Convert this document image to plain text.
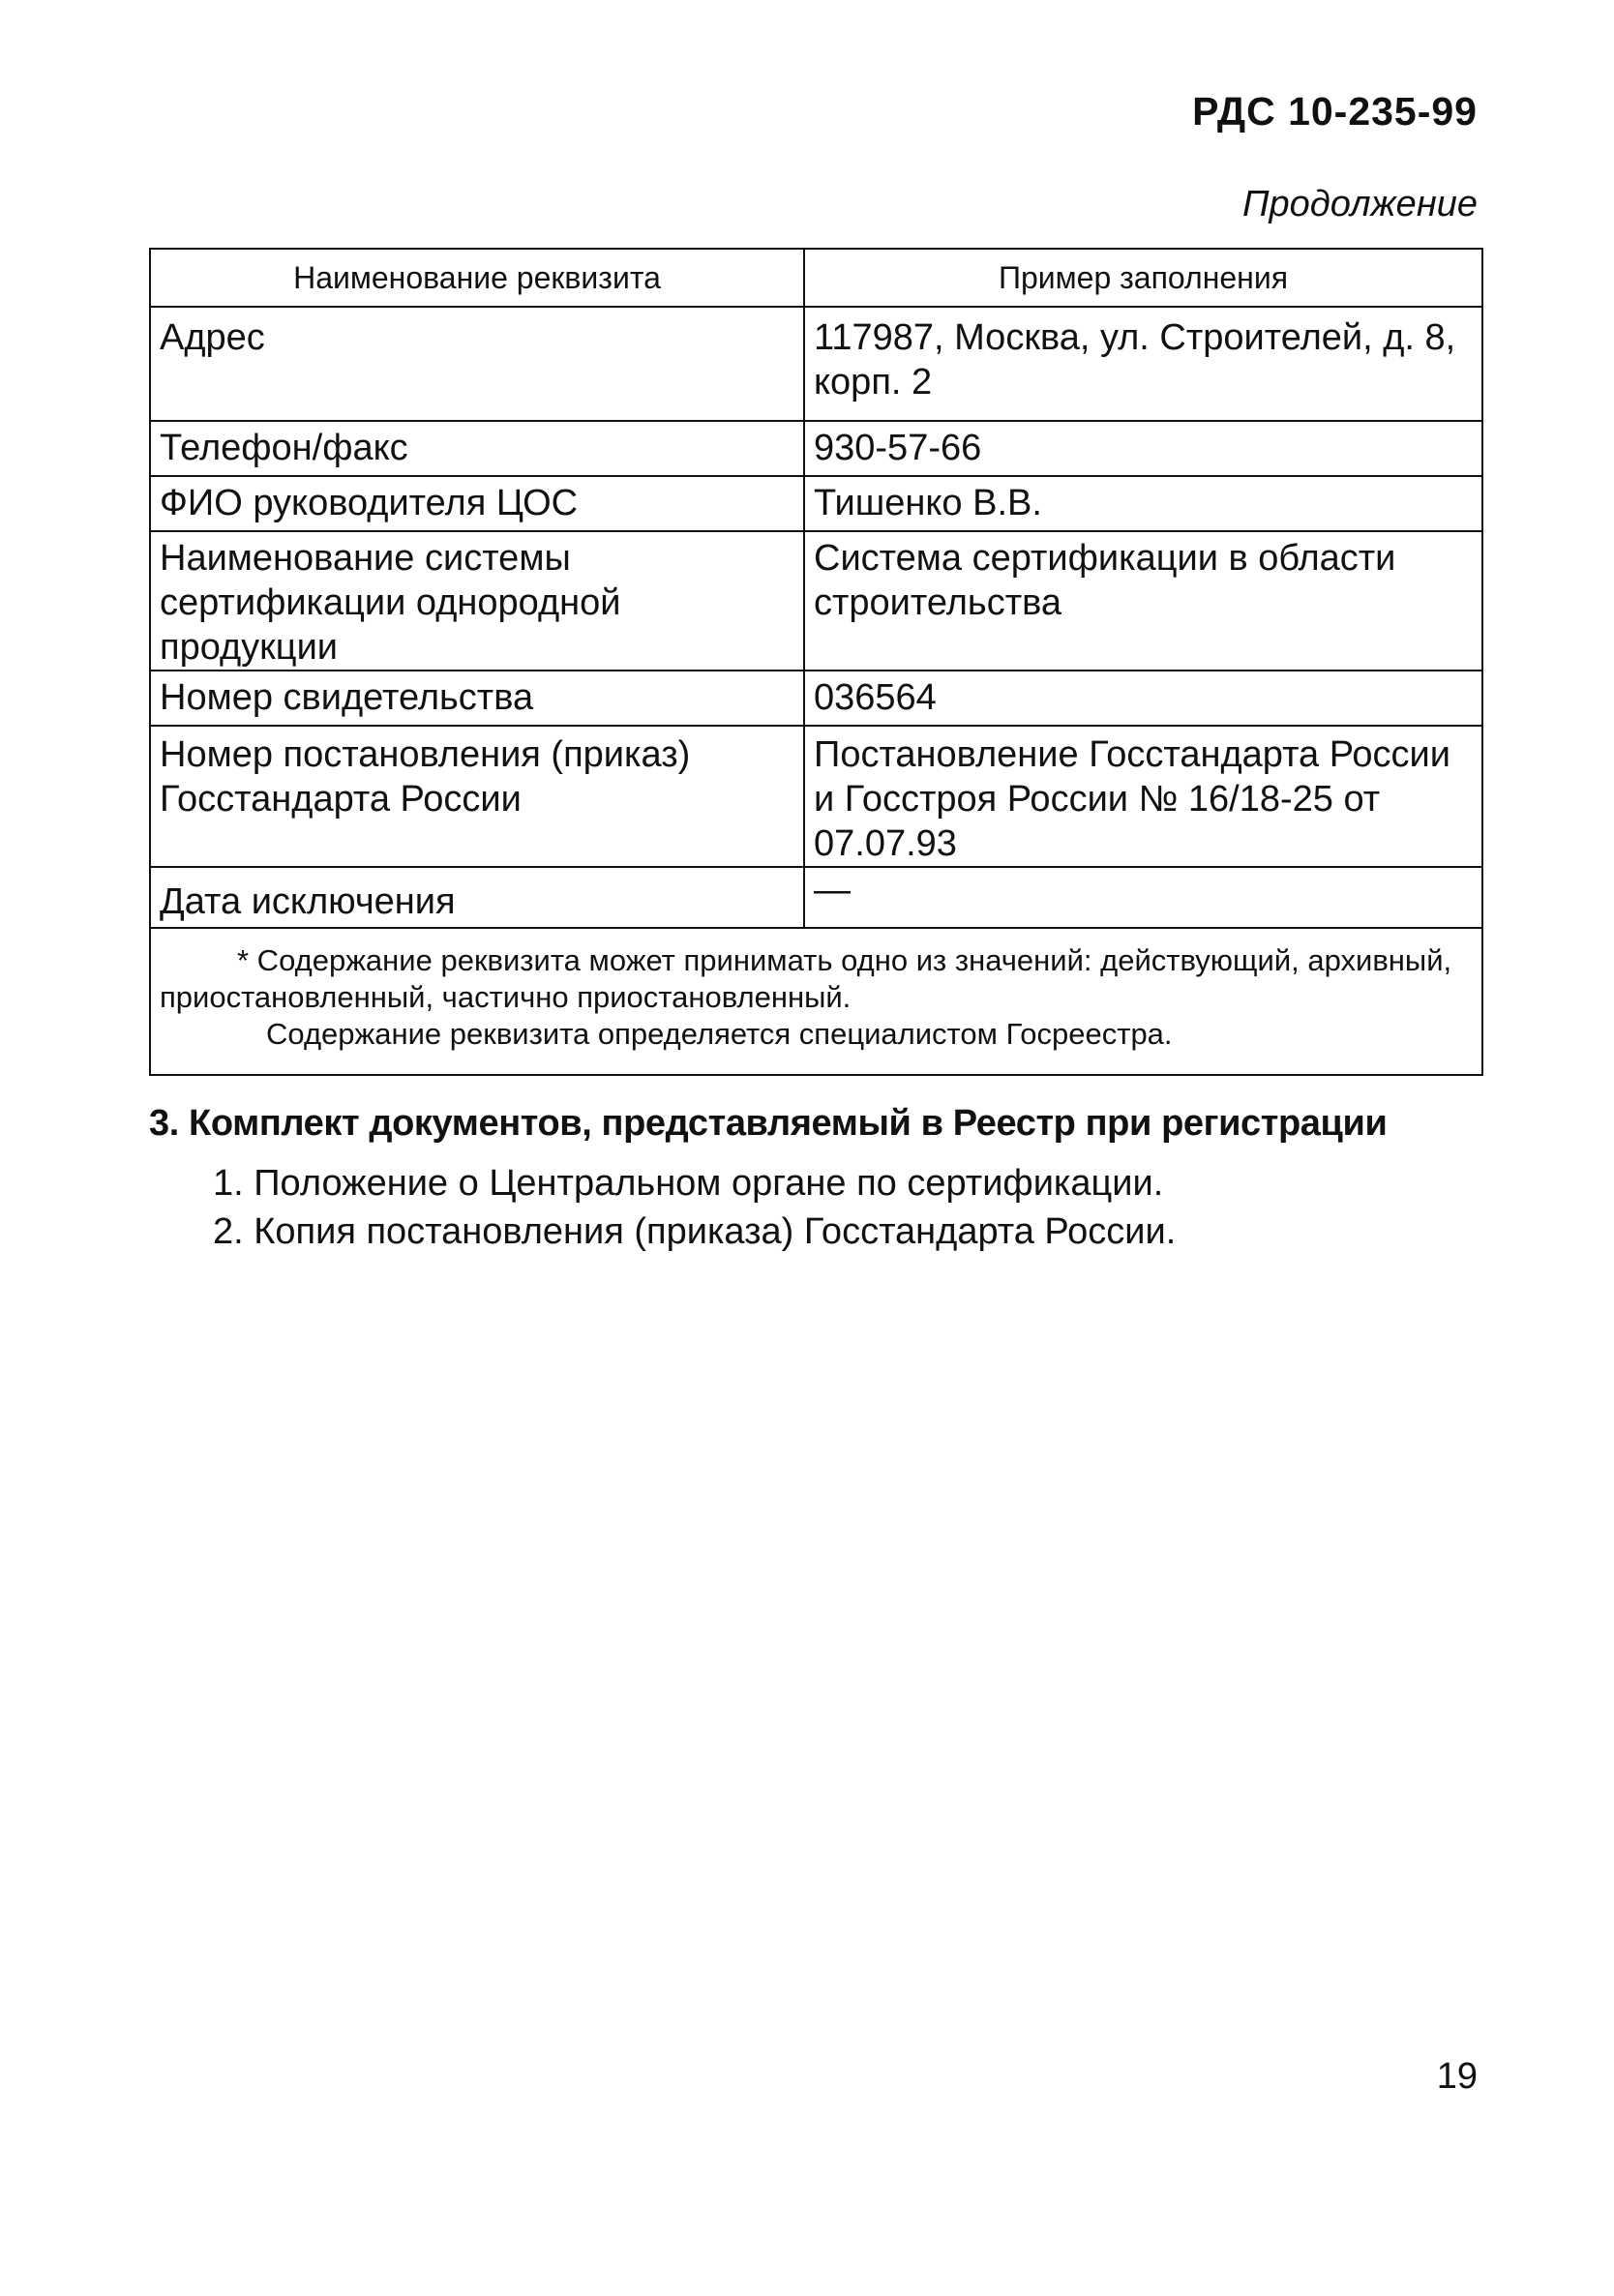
РДС 10-235-99
Продолжение
Наименование реквизита	Пример заполнения
Адрес	117987, Москва, ул. Строителей, д. 8, корп. 2
Телефон/факс	930-57-66
ФИО руководителя ЦОС	Тишенко В.В.
Наименование системы сертификации однородной продукции	Система сертификации в области строительства
Номер свидетельства	036564
Номер постановления (приказ) Госстандарта России	Постановление Госстандарта России и Госстроя России № 16/18-25 от 07.07.93
Дата исключения	—

* Содержание реквизита может принимать одно из значений: действующий, архивный, приостановленный, частично приостановленный.
Содержание реквизита определяется специалистом Госреестра.	
3. Комплект документов, представляемый в Реестр при регистрации
1. Положение о Центральном органе по сертификации.
2. Копия постановления (приказа) Госстандарта России.
19
